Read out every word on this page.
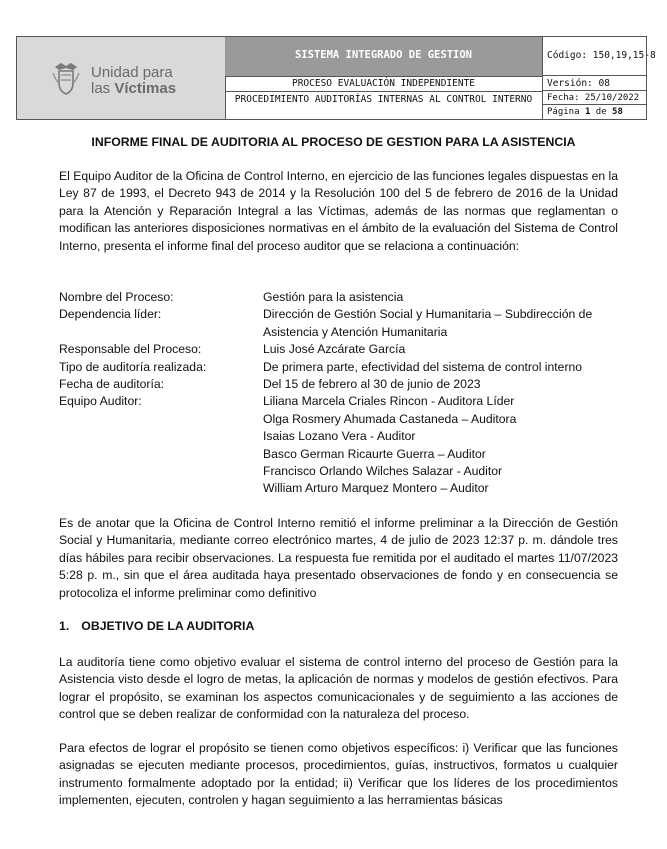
Unidad para
las Víctimas
SISTEMA INTEGRADO DE GESTION
PROCESO EVALUACIÓN INDEPENDIENTE
PROCEDIMIENTO AUDITORÍAS INTERNAS AL CONTROL INTERNO
Código: 150,19,15-8
Versión: 08
Fecha: 25/10/2022
Página 1 de 58
INFORME FINAL DE AUDITORIA AL PROCESO DE GESTION PARA LA ASISTENCIA
El Equipo Auditor de la Oficina de Control Interno, en ejercicio de las funciones legales dispuestas en la Ley 87 de 1993, el Decreto 943 de 2014 y la Resolución 100 del 5 de febrero de 2016 de la Unidad para la Atención y Reparación Integral a las Víctimas, además de las normas que reglamentan o modifican las anteriores disposiciones normativas en el ámbito de la evaluación del Sistema de Control Interno, presenta el informe final del proceso auditor que se relaciona a continuación:
Nombre del Proceso:	Gestión para la asistencia
Dependencia líder:	Dirección de Gestión Social y Humanitaria – Subdirección de Asistencia y Atención Humanitaria
Responsable del Proceso:	Luis José Azcárate García
Tipo de auditoría realizada:	De primera parte, efectividad del sistema de control interno
Fecha de auditoría:	Del 15 de febrero al 30 de junio de 2023
Equipo Auditor:	Liliana Marcela Criales Rincon - Auditora Líder
Olga Rosmery Ahumada Castaneda – Auditora
Isaias Lozano Vera - Auditor
Basco German Ricaurte Guerra – Auditor
Francisco Orlando Wilches Salazar - Auditor
William Arturo Marquez Montero – Auditor
Es de anotar que la Oficina de Control Interno remitió el informe preliminar a la Dirección de Gestión Social y Humanitaria, mediante correo electrónico martes, 4 de julio de 2023 12:37 p. m. dándole tres días hábiles para recibir observaciones. La respuesta fue remitida por el auditado el martes 11/07/2023 5:28 p. m., sin que el área auditada haya presentado observaciones de fondo y en consecuencia se protocoliza el informe preliminar como definitivo
1. OBJETIVO DE LA AUDITORIA
La auditoría tiene como objetivo evaluar el sistema de control interno del proceso de Gestión para la Asistencia visto desde el logro de metas, la aplicación de normas y modelos de gestión efectivos. Para lograr el propósito, se examinan los aspectos comunicacionales y de seguimiento a las acciones de control que se deben realizar de conformidad con la naturaleza del proceso.
Para efectos de lograr el propósito se tienen como objetivos específicos: i) Verificar que las funciones asignadas se ejecuten mediante procesos, procedimientos, guías, instructivos, formatos u cualquier instrumento formalmente adoptado por la entidad; ii) Verificar que los líderes de los procedimientos implementen, ejecuten, controlen y hagan seguimiento a las herramientas básicas
